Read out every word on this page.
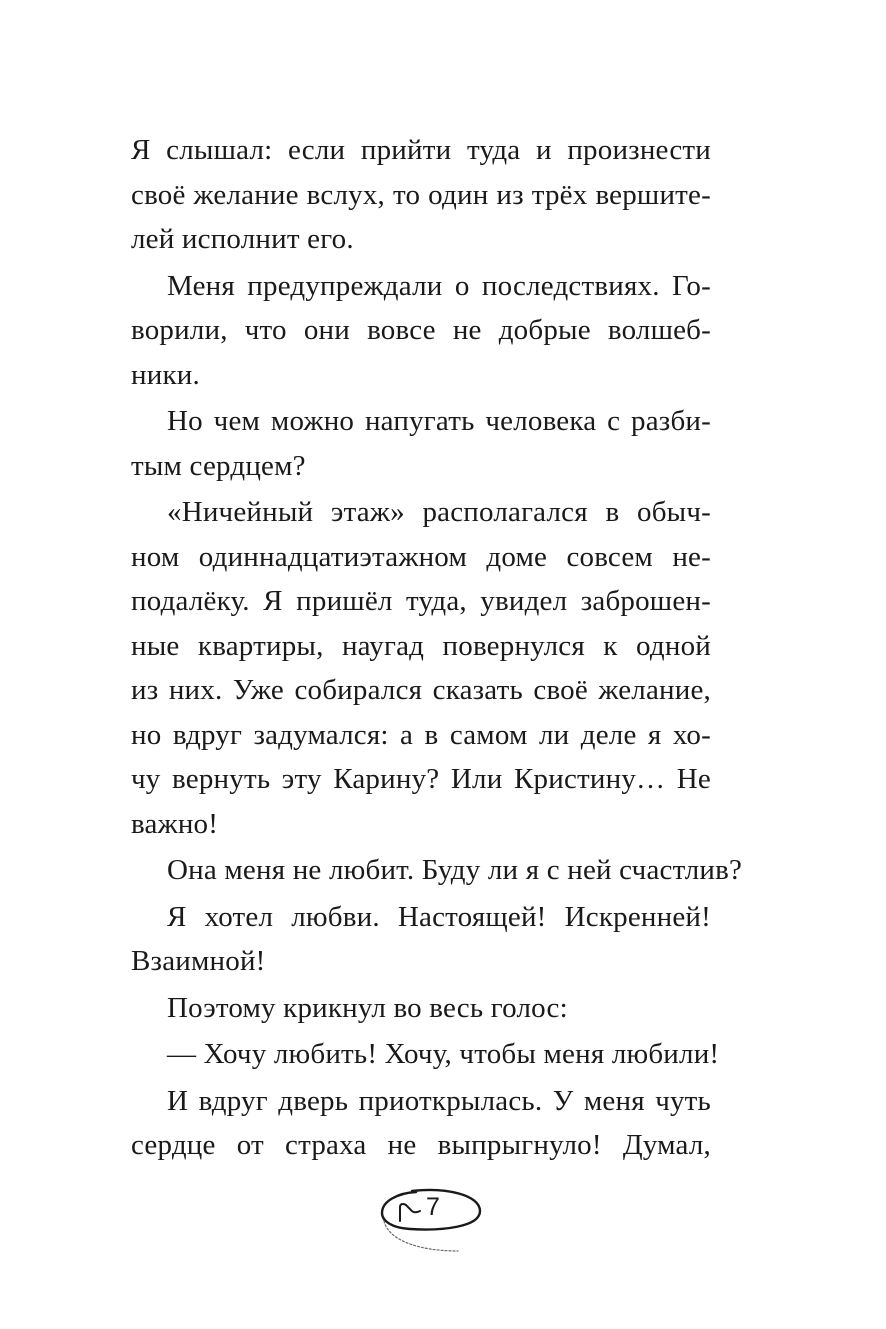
Я слышал: если прийти туда и произнести
своё желание вслух, то один из трёх вершите-
лей исполнит его.

Меня предупреждали о последствиях. Го-
ворили, что они вовсе не добрые волшеб-
ники.

Но чем можно напугать человека с разби-
тым сердцем?

«Ничейный этаж» располагался в обыч-
ном одиннадцатиэтажном доме совсем не-
подалёку. Я пришёл туда, увидел заброшен-
ные квартиры, наугад повернулся к одной
из них. Уже собирался сказать своё желание,
но вдруг задумался: а в самом ли деле я хо-
чу вернуть эту Карину? Или Кристину… Не
важно!

Она меня не любит. Буду ли я с ней счастлив?

Я хотел любви. Настоящей! Искренней!
Взаимной!

Поэтому крикнул во весь голос:

— Хочу любить! Хочу, чтобы меня любили!

И вдруг дверь приоткрылась. У меня чуть
сердце от страха не выпрыгнуло! Думал,

7
